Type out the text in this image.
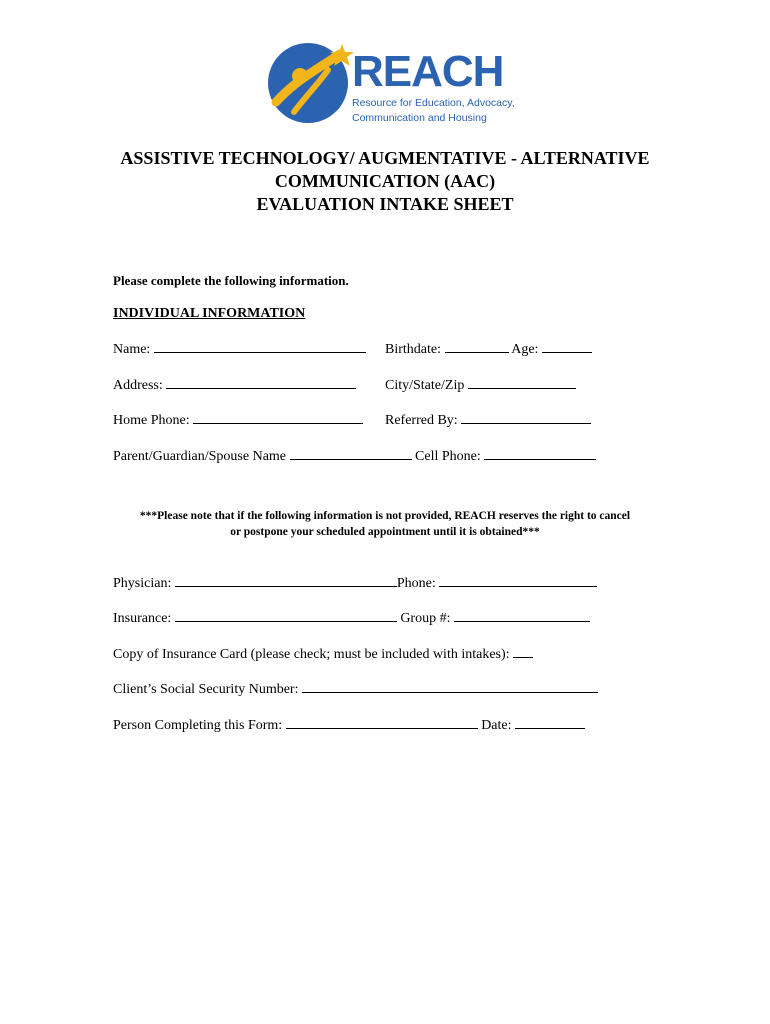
REACH
Resource for Education, Advocacy,
Communication and Housing
ASSISTIVE TECHNOLOGY/ AUGMENTATIVE - ALTERNATIVE
COMMUNICATION (AAC)
EVALUATION INTAKE SHEET
Please complete the following information.
INDIVIDUAL INFORMATION
Name:	Birthdate:	Age:
Address:	City/State/Zip
Home Phone:	Referred By:
Parent/Guardian/Spouse Name	Cell Phone:
***Please note that if the following information is not provided, REACH reserves the right to cancel
or postpone your scheduled appointment until it is obtained***
Physician:	Phone:
Insurance:	Group #:
Copy of Insurance Card (please check; must be included with intakes):
Client’s Social Security Number:
Person Completing this Form:	Date:
